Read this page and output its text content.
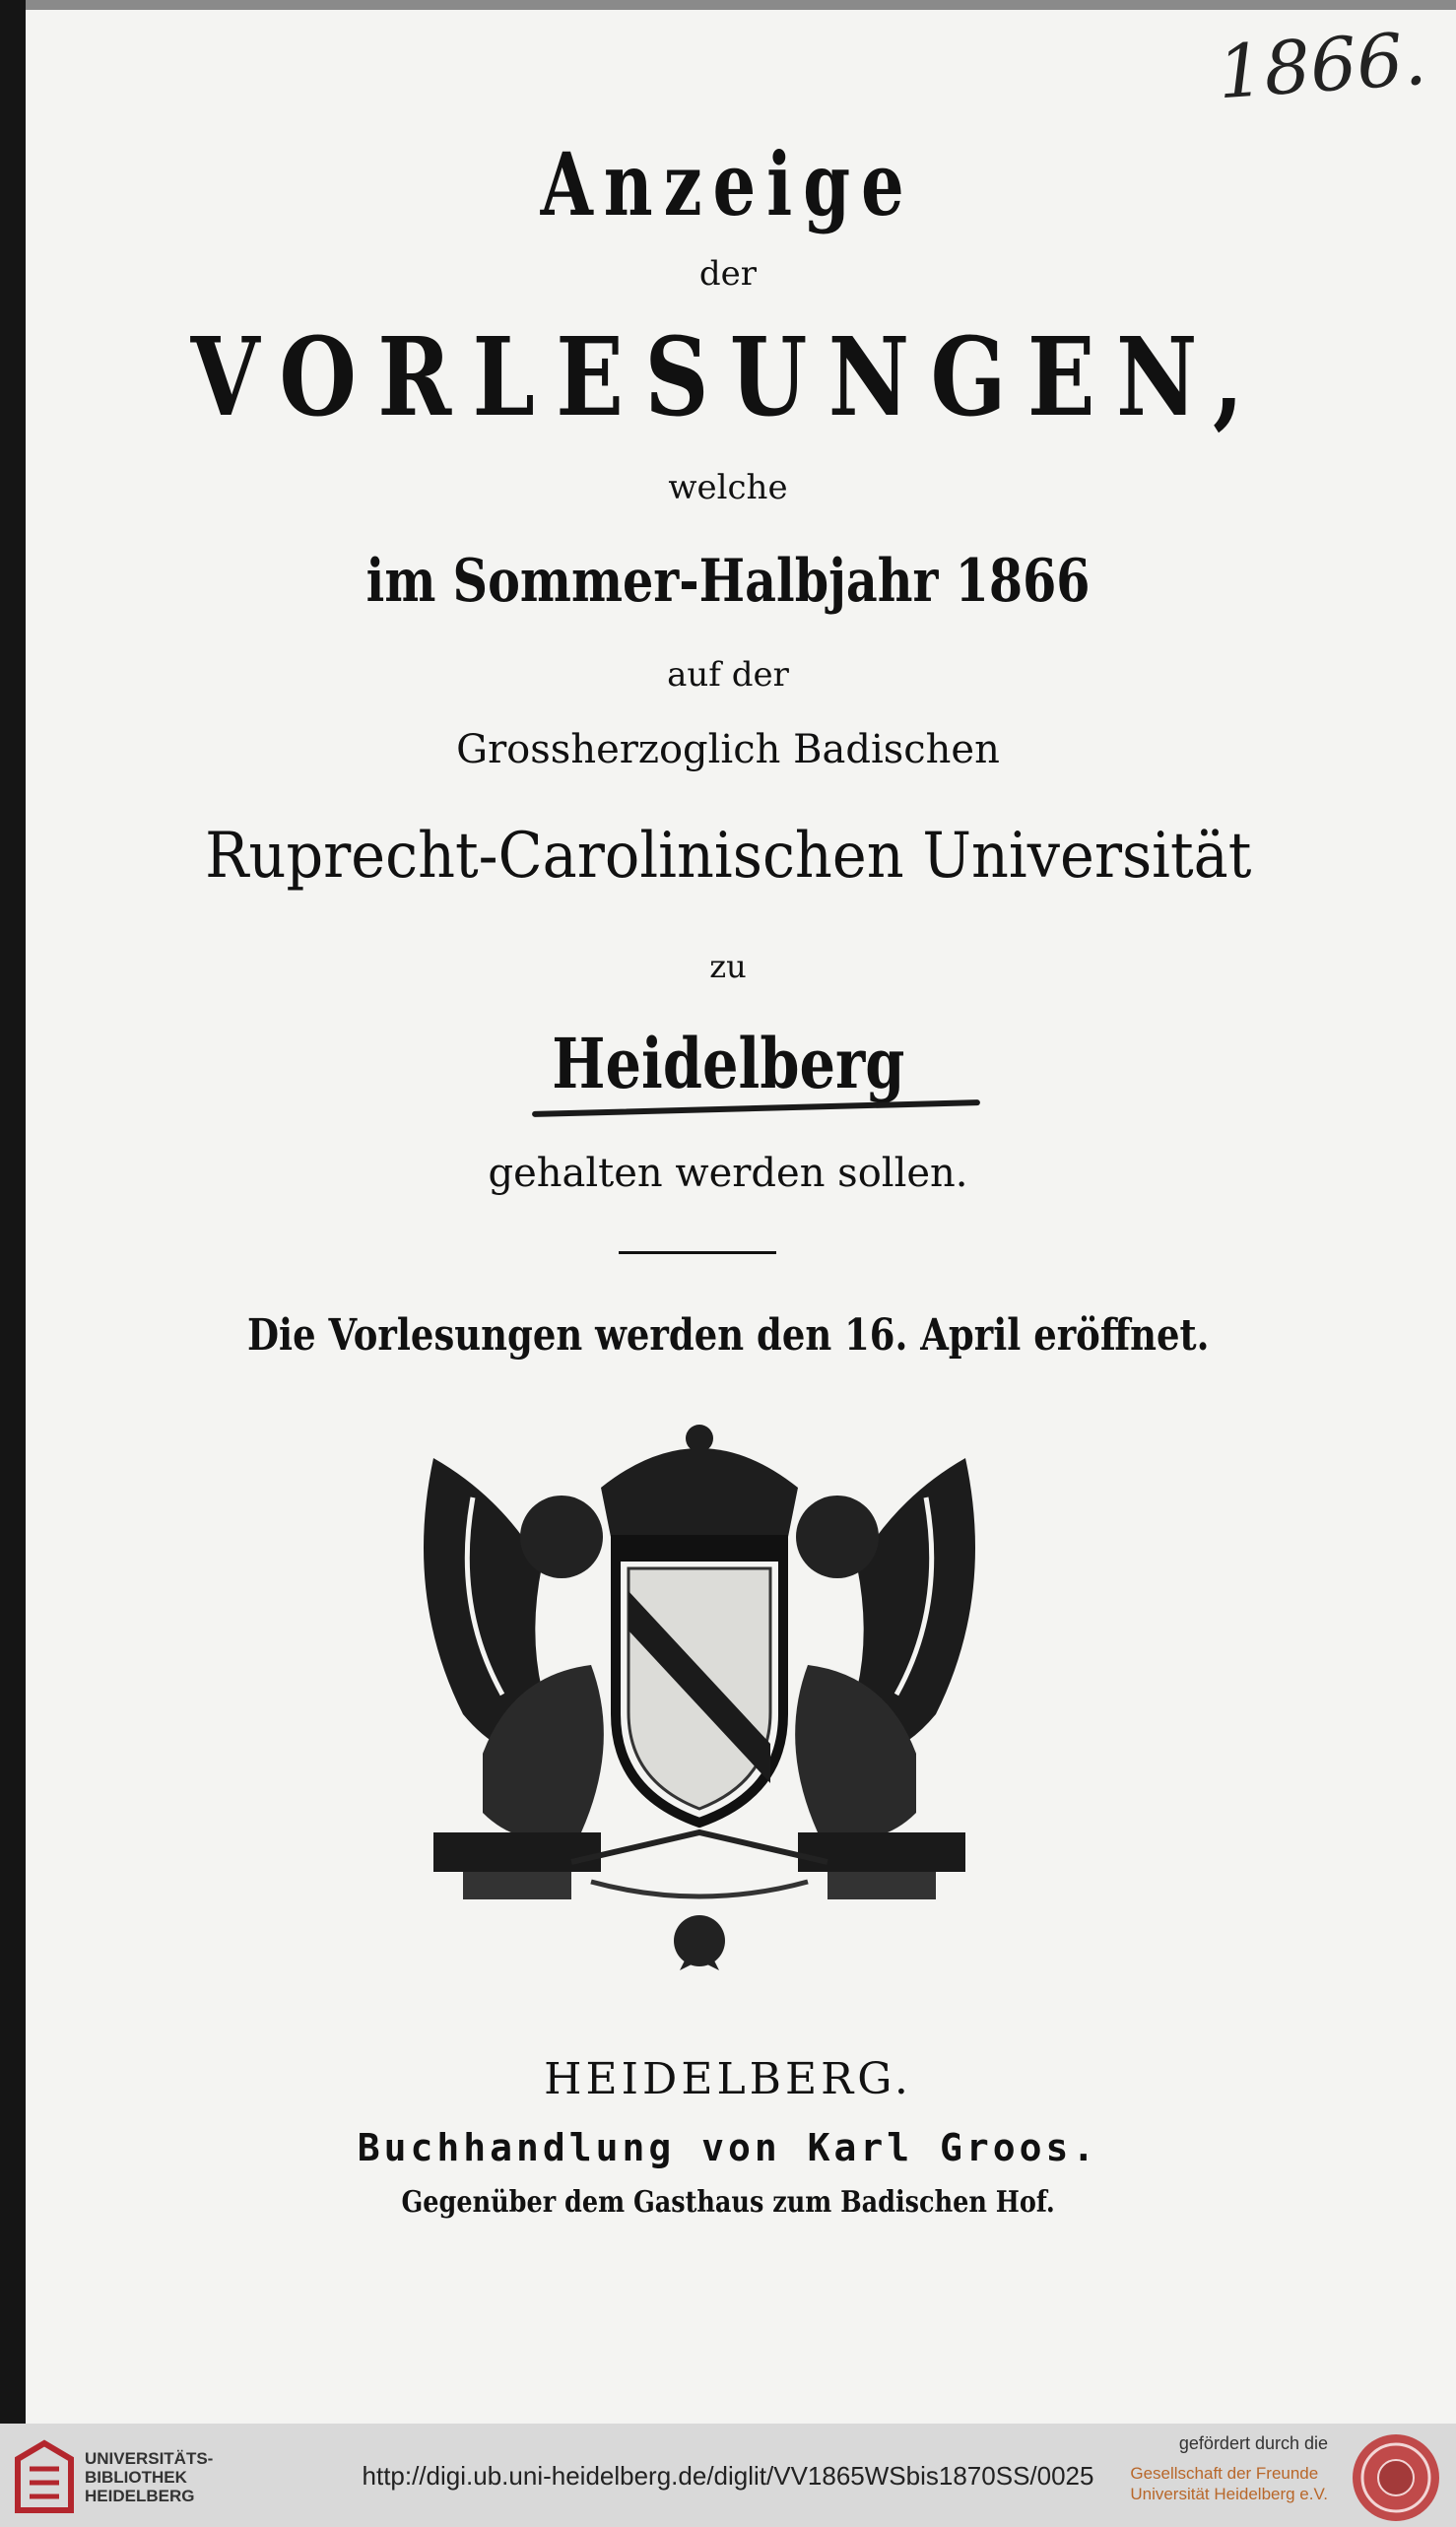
1866.
Anzeige
der
VORLESUNGEN,
welche
im Sommer-Halbjahr 1866
auf der
Grossherzoglich Badischen
Ruprecht-Carolinischen Universität
zu
Heidelberg
gehalten werden sollen.
Die Vorlesungen werden den 16. April eröffnet.
HEIDELBERG.
Buchhandlung von Karl Groos.
Gegenüber dem Gasthaus zum Badischen Hof.
UNIVERSITÄTS-
BIBLIOTHEK
HEIDELBERG
http://digi.ub.uni-heidelberg.de/diglit/VV1865WSbis1870SS/0025
gefördert durch die
Gesellschaft der Freunde
Universität Heidelberg e.V.
